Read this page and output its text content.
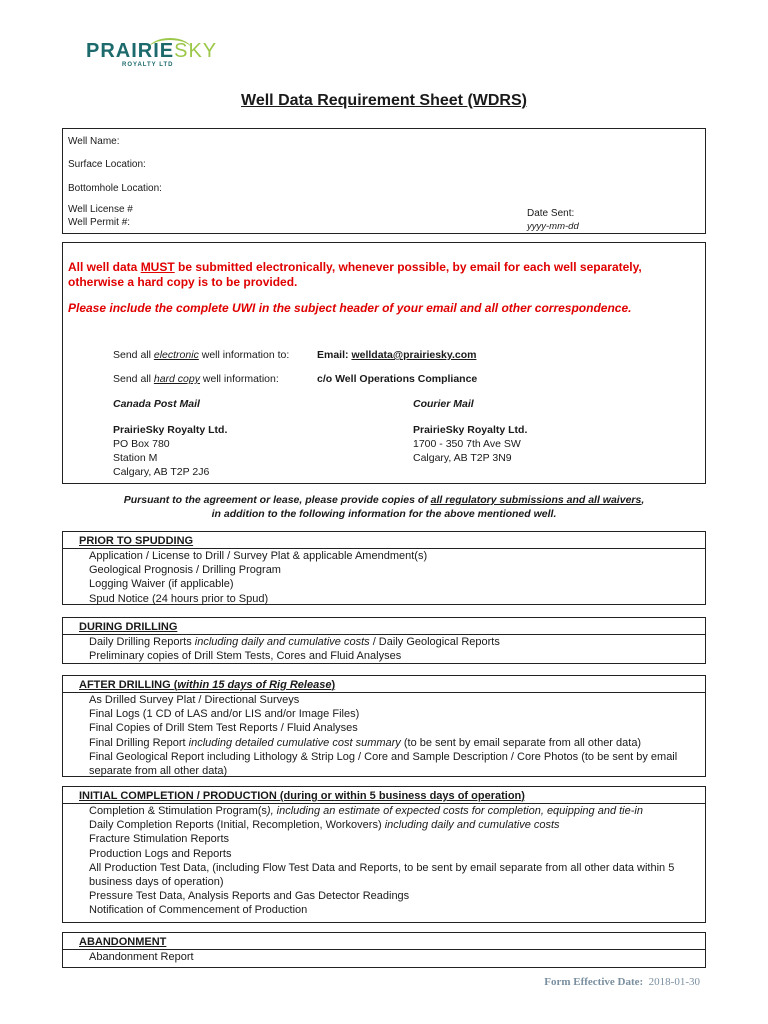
PRAIRIESKY
ROYALTY LTD
Well Data Requirement Sheet (WDRS)
Well Name:
Surface Location:
Bottomhole Location:
Well License #
Well Permit #:
Date Sent:
yyyy-mm-dd
All well data MUST be submitted electronically, whenever possible, by email for each well separately,
otherwise a hard copy is to be provided.
Please include the complete UWI in the subject header of your email and all other correspondence.
Send all electronic well information to:	Email: welldata@prairiesky.com
Send all hard copy well information:	c/o Well Operations Compliance
Canada Post Mail	Courier Mail
PrairieSky Royalty Ltd.
PO Box 780
Station M
Calgary, AB T2P 2J6
PrairieSky Royalty Ltd.
1700 - 350 7th Ave SW
Calgary, AB T2P 3N9
Pursuant to the agreement or lease, please provide copies of all regulatory submissions and all waivers,
in addition to the following information for the above mentioned well.
PRIOR TO SPUDDING
Application / License to Drill / Survey Plat & applicable Amendment(s)
Geological Prognosis / Drilling Program
Logging Waiver (if applicable)
Spud Notice (24 hours prior to Spud)
DURING DRILLING
Daily Drilling Reports including daily and cumulative costs / Daily Geological Reports
Preliminary copies of Drill Stem Tests, Cores and Fluid Analyses
AFTER DRILLING (within 15 days of Rig Release)
As Drilled Survey Plat / Directional Surveys
Final Logs (1 CD of LAS and/or LIS and/or Image Files)
Final Copies of Drill Stem Test Reports / Fluid Analyses
Final Drilling Report including detailed cumulative cost summary (to be sent by email separate from all other data)
Final Geological Report including Lithology & Strip Log / Core and Sample Description / Core Photos (to be sent by email separate from all other data)
INITIAL COMPLETION / PRODUCTION (during or within 5 business days of operation)
Completion & Stimulation Program(s), including an estimate of expected costs for completion, equipping and tie-in
Daily Completion Reports (Initial, Recompletion, Workovers) including daily and cumulative costs
Fracture Stimulation Reports
Production Logs and Reports
All Production Test Data, (including Flow Test Data and Reports, to be sent by email separate from all other data within 5 business days of operation)
Pressure Test Data, Analysis Reports and Gas Detector Readings
Notification of Commencement of Production
ABANDONMENT
Abandonment Report
Form Effective Date: 2018-01-30
